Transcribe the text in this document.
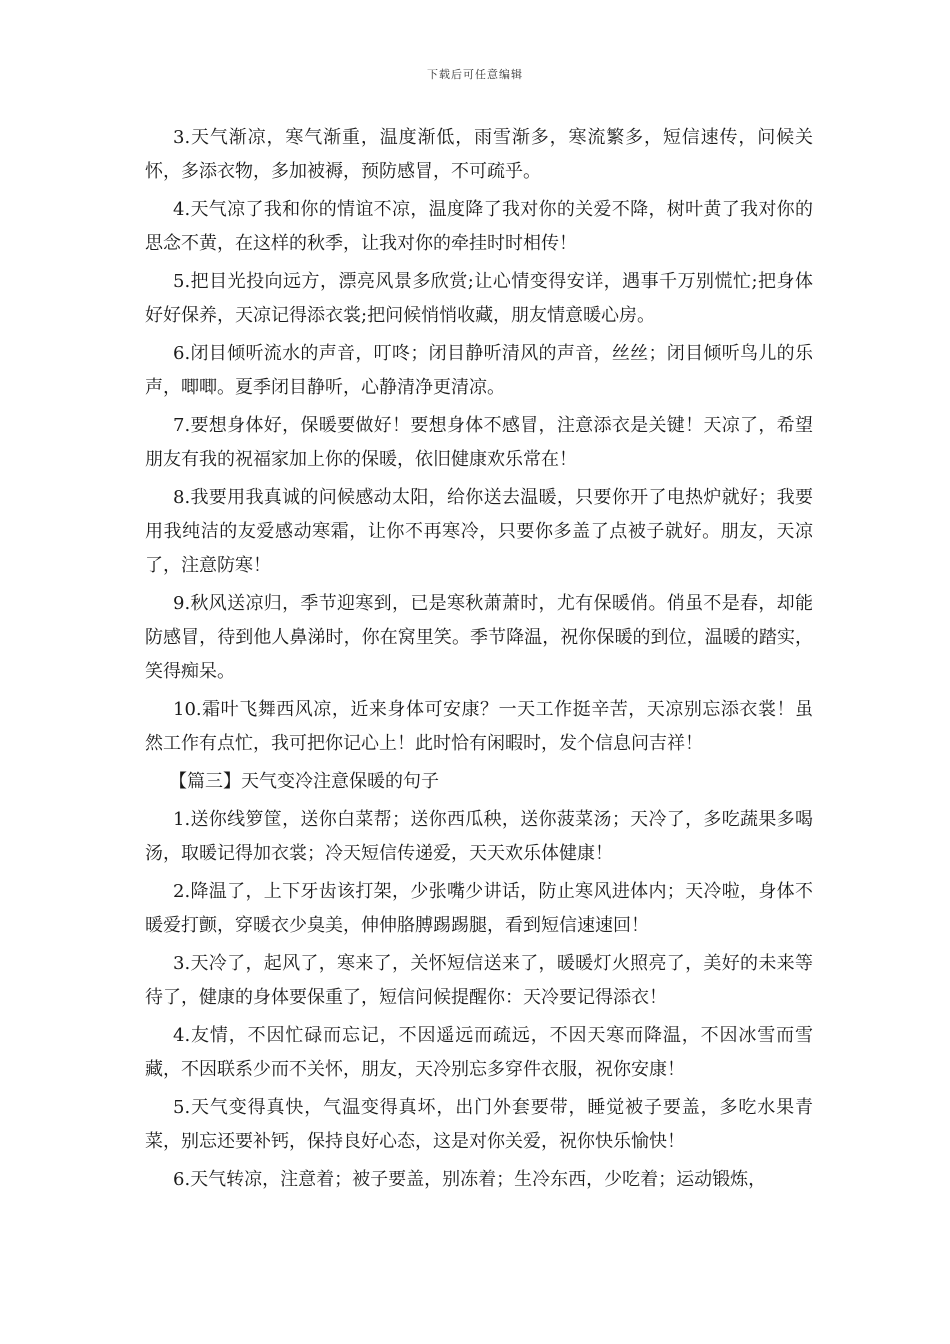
下载后可任意编辑

3.天气渐凉，寒气渐重，温度渐低，雨雪渐多，寒流繁多，短信速传，问候关怀，多添衣物，多加被褥，预防感冒，不可疏乎。

4.天气凉了我和你的情谊不凉，温度降了我对你的关爱不降，树叶黄了我对你的思念不黄，在这样的秋季，让我对你的牵挂时时相传！

5.把目光投向远方，漂亮风景多欣赏;让心情变得安详，遇事千万别慌忙;把身体好好保养，天凉记得添衣裳;把问候悄悄收藏，朋友情意暖心房。

6.闭目倾听流水的声音，叮咚；闭目静听清风的声音，丝丝；闭目倾听鸟儿的乐声，唧唧。夏季闭目静听，心静清净更清凉。

7.要想身体好，保暖要做好！要想身体不感冒，注意添衣是关键！天凉了，希望朋友有我的祝福家加上你的保暖，依旧健康欢乐常在！

8.我要用我真诚的问候感动太阳，给你送去温暖，只要你开了电热炉就好；我要用我纯洁的友爱感动寒霜，让你不再寒冷，只要你多盖了点被子就好。朋友，天凉了，注意防寒！

9.秋风送凉归，季节迎寒到，已是寒秋萧萧时，尤有保暖俏。俏虽不是春，却能防感冒，待到他人鼻涕时，你在窝里笑。季节降温，祝你保暖的到位，温暖的踏实，笑得痴呆。

10.霜叶飞舞西风凉，近来身体可安康？一天工作挺辛苦，天凉别忘添衣裳！虽然工作有点忙，我可把你记心上！此时恰有闲暇时，发个信息问吉祥！

【篇三】天气变冷注意保暖的句子

1.送你线箩筐，送你白菜帮；送你西瓜秧，送你菠菜汤；天冷了，多吃蔬果多喝汤，取暖记得加衣裳；冷天短信传递爱，天天欢乐体健康！

2.降温了，上下牙齿该打架，少张嘴少讲话，防止寒风进体内；天冷啦，身体不暖爱打颤，穿暖衣少臭美，伸伸胳膊踢踢腿，看到短信速速回！

3.天冷了，起风了，寒来了，关怀短信送来了，暖暖灯火照亮了，美好的未来等待了，健康的身体要保重了，短信问候提醒你：天冷要记得添衣！

4.友情，不因忙碌而忘记，不因遥远而疏远，不因天寒而降温，不因冰雪而雪藏，不因联系少而不关怀，朋友，天冷别忘多穿件衣服，祝你安康！

5.天气变得真快，气温变得真坏，出门外套要带，睡觉被子要盖，多吃水果青菜，别忘还要补钙，保持良好心态，这是对你关爱，祝你快乐愉快！

6.天气转凉，注意着；被子要盖，别冻着；生冷东西，少吃着；运动锻炼，
